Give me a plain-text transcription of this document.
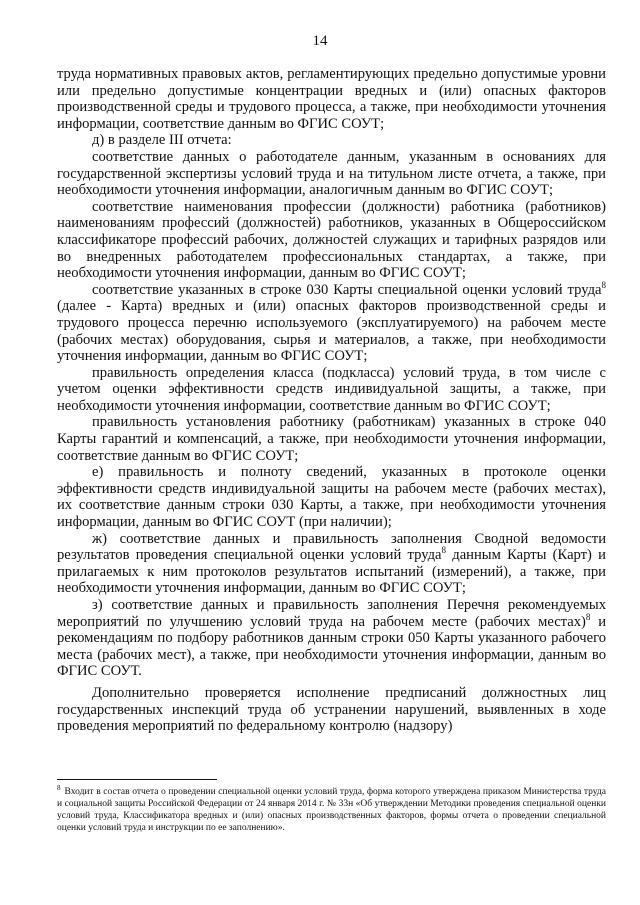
14

труда нормативных правовых актов, регламентирующих предельно допустимые уровни или предельно допустимые концентрации вредных и (или) опасных факторов производственной среды и трудового процесса, а также, при необходимости уточнения информации, соответствие данным во ФГИС СОУТ;

д) в разделе III отчета:

соответствие данных о работодателе данным, указанным в основаниях для государственной экспертизы условий труда и на титульном листе отчета, а также, при необходимости уточнения информации, аналогичным данным во ФГИС СОУТ;

соответствие наименования профессии (должности) работника (работников) наименованиям профессий (должностей) работников, указанных в Общероссийском классификаторе профессий рабочих, должностей служащих и тарифных разрядов или во внедренных работодателем профессиональных стандартах, а также, при необходимости уточнения информации, данным во ФГИС СОУТ;

соответствие указанных в строке 030 Карты специальной оценки условий труда$^8$ (далее - Карта) вредных и (или) опасных факторов производственной среды и трудового процесса перечню используемого (эксплуатируемого) на рабочем месте (рабочих местах) оборудования, сырья и материалов, а также, при необходимости уточнения информации, данным во ФГИС СОУТ;

правильность определения класса (подкласса) условий труда, в том числе с учетом оценки эффективности средств индивидуальной защиты, а также, при необходимости уточнения информации, соответствие данным во ФГИС СОУТ;

правильность установления работнику (работникам) указанных в строке 040 Карты гарантий и компенсаций, а также, при необходимости уточнения информации, соответствие данным во ФГИС СОУТ;

е) правильность и полноту сведений, указанных в протоколе оценки эффективности средств индивидуальной защиты на рабочем месте (рабочих местах), их соответствие данным строки 030 Карты, а также, при необходимости уточнения информации, данным во ФГИС СОУТ (при наличии);

ж) соответствие данных и правильность заполнения Сводной ведомости результатов проведения специальной оценки условий труда$^8$ данным Карты (Карт) и прилагаемых к ним протоколов результатов испытаний (измерений), а также, при необходимости уточнения информации, данным во ФГИС СОУТ;

з) соответствие данных и правильность заполнения Перечня рекомендуемых мероприятий по улучшению условий труда на рабочем месте (рабочих местах)$^8$ и рекомендациям по подбору работников данным строки 050 Карты указанного рабочего места (рабочих мест), а также, при необходимости уточнения информации, данным во ФГИС СОУТ.

Дополнительно проверяется исполнение предписаний должностных лиц государственных инспекций труда об устранении нарушений, выявленных в ходе проведения мероприятий по федеральному контролю (надзору)

$^8$ Входит в состав отчета о проведении специальной оценки условий труда, форма которого утверждена приказом Министерства труда и социальной защиты Российской Федерации от 24 января 2014 г. № 33н «Об утверждении Методики проведения специальной оценки условий труда, Классификатора вредных и (или) опасных производственных факторов, формы отчета о проведении специальной оценки условий труда и инструкции по ее заполнению».
